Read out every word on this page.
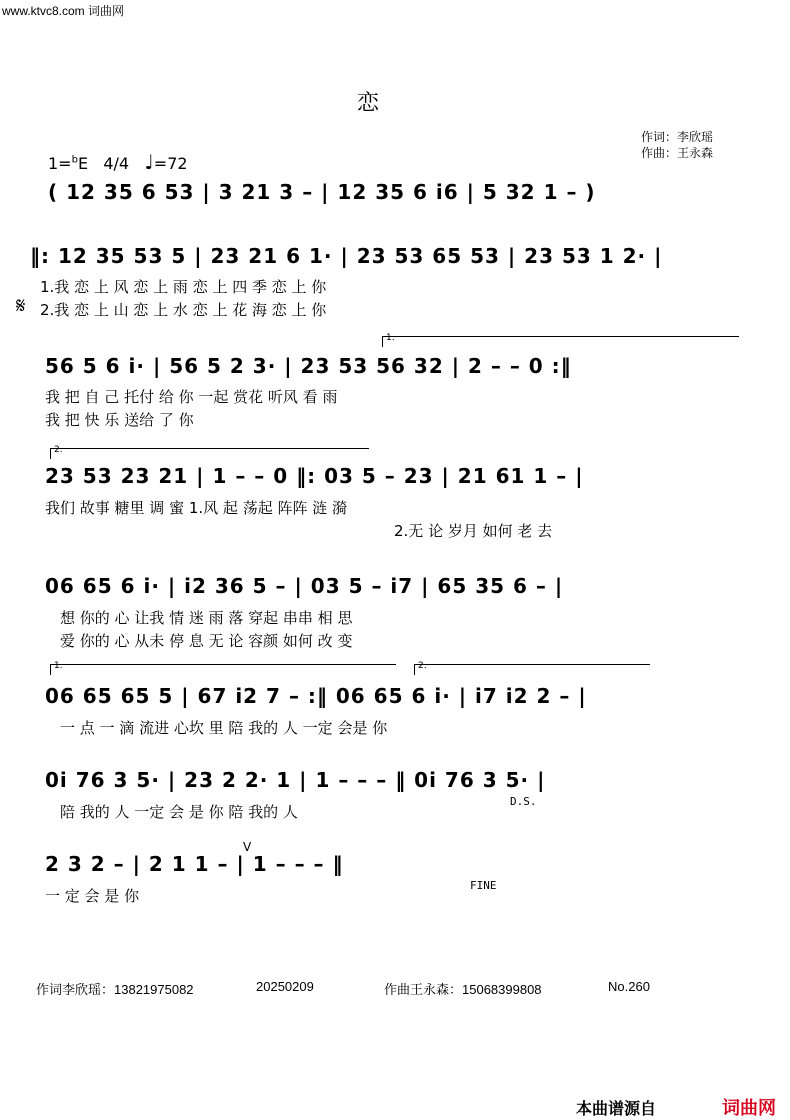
www.ktvc8.com 词曲网
恋
作词：李欣瑶
作曲：王永森
1=$^b$E 4/4 ♩=72
( 12 35 6 53 | 3 21 3 – | 12 35 6 i6 | 5 32 1 – )
‖: 12 35 53 5 | 23 21 6 1· | 23 53 65 53 | 23 53 1 2· |
𝄋
1.我 恋 上 风 恋 上 雨 恋 上 四 季 恋 上 你
2.我 恋 上 山 恋 上 水 恋 上 花 海 恋 上 你
1.
56 5 6 i· | 56 5 2 3· | 23 53 56 32 | 2 – – 0 :‖
我 把 自 己 托付 给 你 一起 赏花 听风 看 雨
我 把 快 乐 送给 了 你
2.
23 53 23 21 | 1 – – 0 ‖: 03 5 – 23 | 21 61 1 – |
我们 故事 糖里 调 蜜 1.风 起 荡起 阵阵 涟 漪
2.无 论 岁月 如何 老 去
06 65 6 i· | i2 36 5 – | 03 5 – i7 | 65 35 6 – |
想 你的 心 让我 情 迷 雨 落 穿起 串串 相 思
爱 你的 心 从未 停 息 无 论 容颜 如何 改 变
1.	2.
06 65 65 5 | 67 i2 7 – :‖ 06 65 6 i· | i7 i2 2 – |
一 点 一 滴 流进 心坎 里 陪 我的 人 一定 会是 你
0i 76 3 5· | 23 2 2· 1 | 1 – – – ‖ 0i 76 3 5· |
陪 我的 人 一定 会 是 你 陪 我的 人
D.S.
V
2 3 2 – | 2 1 1 – | 1 – – – ‖
一 定 会 是 你
FINE
作词李欣瑶：13821975082	20250209	作曲王永森：15068399808	No.260
本曲谱源自	词曲网
